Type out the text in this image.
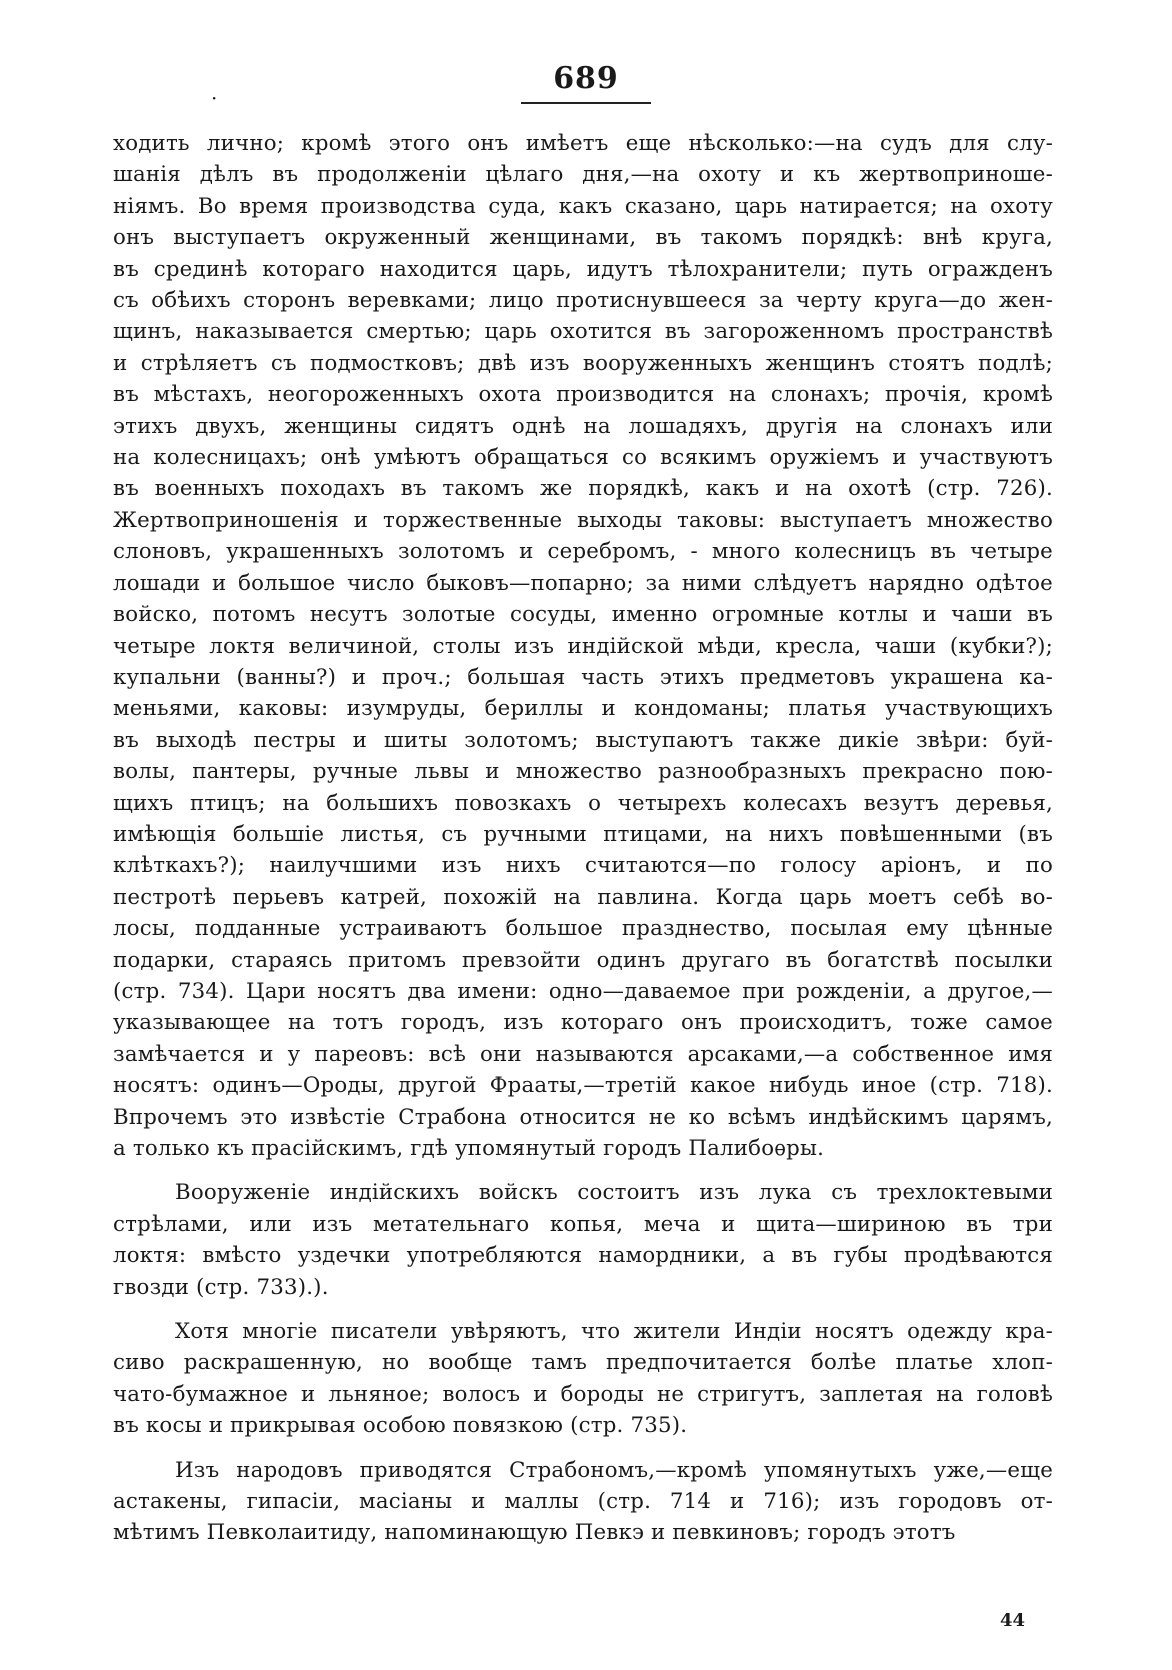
·
689
ходить лично; кромѣ этого онъ имѣетъ еще нѣсколько:—на судъ для слу-
шанія дѣлъ въ продолженіи цѣлаго дня,—на охоту и къ жертвоприноше-
ніямъ. Во время производства суда, какъ сказано, царь натирается; на охоту
онъ выступаетъ окруженный женщинами, въ такомъ порядкѣ: внѣ круга,
въ срединѣ котораго находится царь, идутъ тѣлохранители; путь огражденъ
съ обѣихъ сторонъ веревками; лицо протиснувшееся за черту круга—до жен-
щинъ, наказывается смертью; царь охотится въ загороженномъ пространствѣ
и стрѣляетъ съ подмостковъ; двѣ изъ вооруженныхъ женщинъ стоятъ подлѣ;
въ мѣстахъ, неогороженныхъ охота производится на слонахъ; прочія, кромѣ
этихъ двухъ, женщины сидятъ однѣ на лошадяхъ, другія на слонахъ или
на колесницахъ; онѣ умѣютъ обращаться со всякимъ оружіемъ и участвуютъ
въ военныхъ походахъ въ такомъ же порядкѣ, какъ и на охотѣ (стр. 726).
Жертвоприношенія и торжественные выходы таковы: выступаетъ множество
слоновъ, украшенныхъ золотомъ и серебромъ, - много колесницъ въ четыре
лошади и большое число быковъ—попарно; за ними слѣдуетъ нарядно одѣтое
войско, потомъ несутъ золотые сосуды, именно огромные котлы и чаши въ
четыре локтя величиной, столы изъ индійской мѣди, кресла, чаши (кубки?);
купальни (ванны?) и проч.; большая часть этихъ предметовъ украшена ка-
меньями, каковы: изумруды, бериллы и кондоманы; платья участвующихъ
въ выходѣ пестры и шиты золотомъ; выступаютъ также дикіе звѣри: буй-
волы, пантеры, ручные львы и множество разнообразныхъ прекрасно пою-
щихъ птицъ; на большихъ повозкахъ о четырехъ колесахъ везутъ деревья,
имѣющія большіе листья, съ ручными птицами, на нихъ повѣшенными (въ
клѣткахъ?); наилучшими изъ нихъ считаются—по голосу аріонъ, и по
пестротѣ перьевъ катрей, похожій на павлина. Когда царь моетъ себѣ во-
лосы, подданные устраиваютъ большое празднество, посылая ему цѣнные
подарки, стараясь притомъ превзойти одинъ другаго въ богатствѣ посылки
(стр. 734). Цари носятъ два имени: одно—даваемое при рожденіи, а другое,—
указывающее на тотъ городъ, изъ котораго онъ происходитъ, тоже самое
замѣчается и у пареовъ: всѣ они называются арсаками,—а собственное имя
носятъ: одинъ—Ороды, другой Фраaты,—третій какое нибудь иное (стр. 718).
Впрочемъ это извѣстіе Страбона относится не ко всѣмъ индѣйскимъ царямъ,
а только къ прасійскимъ, гдѣ упомянутый городъ Палибоѳры.
Вооруженіе индійскихъ войскъ состоитъ изъ лука съ трехлоктевыми
стрѣлами, или изъ метательнаго копья, меча и щита—шириною въ три
локтя: вмѣсто уздечки употребляются намордники, а въ губы продѣваются
гвозди (стр. 733).).
Хотя многіе писатели увѣряютъ, что жители Индіи носятъ одежду кра-
сиво раскрашенную, но вообще тамъ предпочитается болѣе платье хлоп-
чато-бумажное и льняное; волосъ и бороды не стригутъ, заплетая на головѣ
въ косы и прикрывая особою повязкою (стр. 735).
Изъ народовъ приводятся Страбономъ,—кромѣ упомянутыхъ уже,—еще
астакены, гипасіи, масіаны и маллы (стр. 714 и 716); изъ городовъ от-
мѣтимъ Певколаитиду, напоминающую Певкэ и певкиновъ; городъ этотъ
44
